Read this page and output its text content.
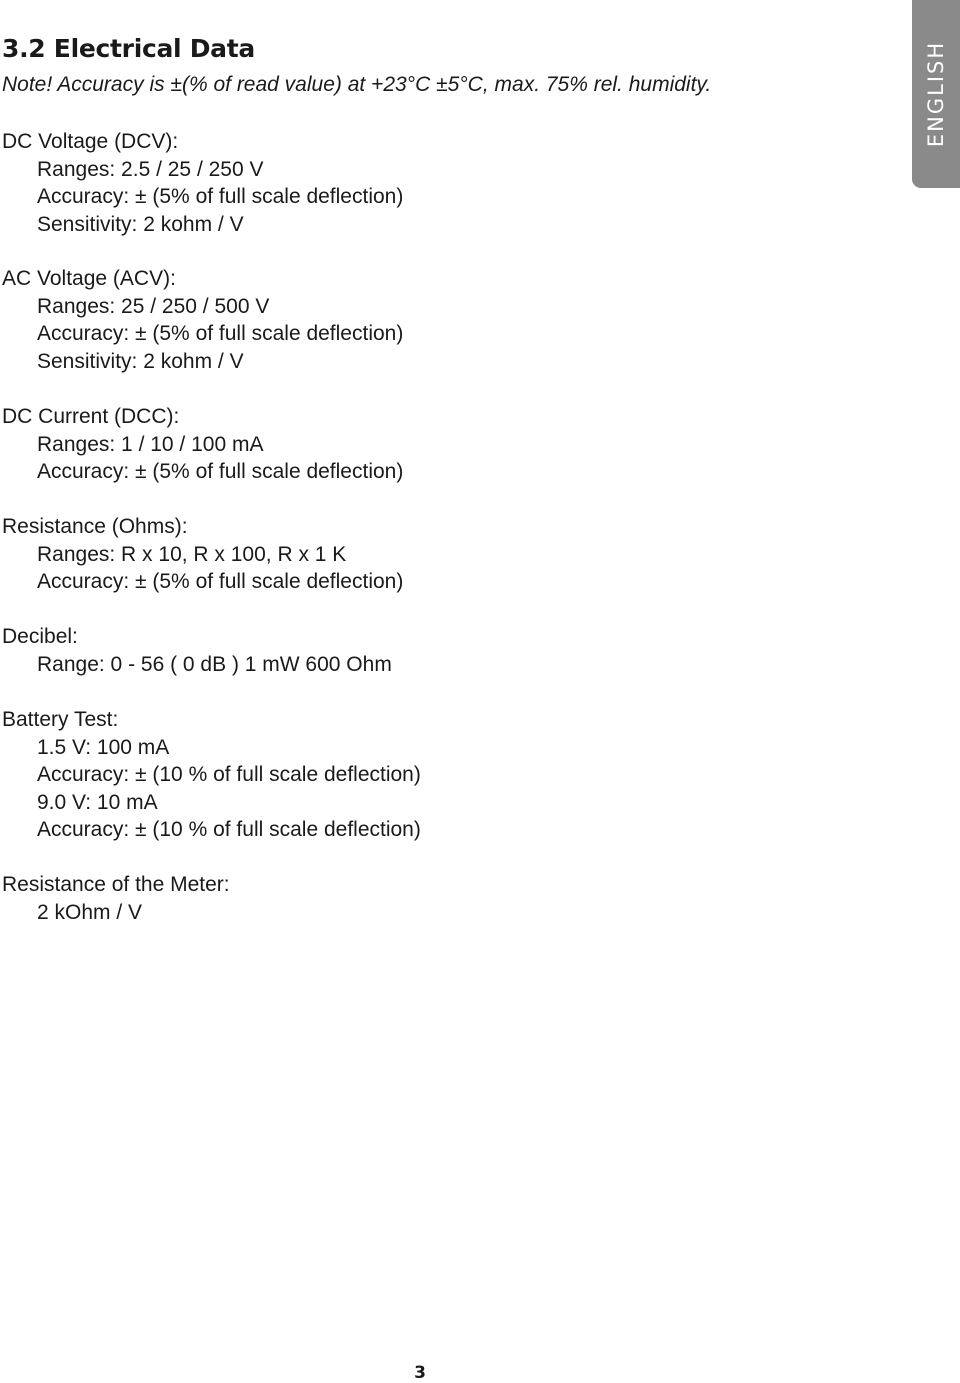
3.2 Electrical Data
Note! Accuracy is ±(% of read value) at +23°C ±5°C, max. 75% rel. humidity.	ENGLISH
DC Voltage (DCV):
Ranges: 2.5 / 25 / 250 V
Accuracy: ± (5% of full scale deflection)
Sensitivity: 2 kohm / V
AC Voltage (ACV):
Ranges: 25 / 250 / 500 V
Accuracy: ± (5% of full scale deflection)
Sensitivity: 2 kohm / V
DC Current (DCC):
Ranges: 1 / 10 / 100 mA
Accuracy: ± (5% of full scale deflection)
Resistance (Ohms):
Ranges: R x 10, R x 100, R x 1 K
Accuracy: ± (5% of full scale deflection)
Decibel:
Range: 0 - 56 ( 0 dB ) 1 mW 600 Ohm
Battery Test:
1.5 V: 100 mA
Accuracy: ± (10 % of full scale deflection)
9.0 V: 10 mA
Accuracy: ± (10 % of full scale deflection)
Resistance of the Meter:
2 kOhm / V
3
